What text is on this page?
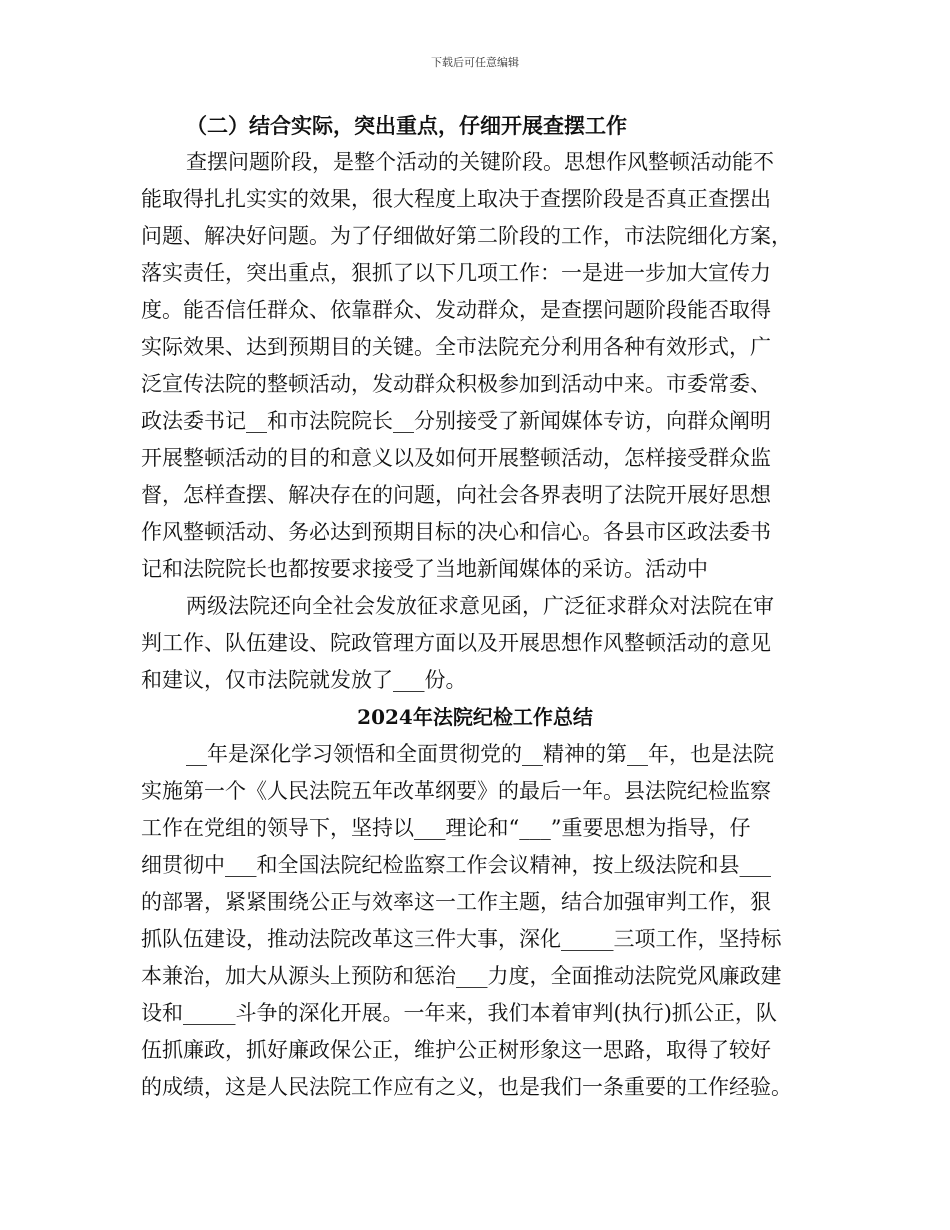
下载后可任意编辑
（二）结合实际，突出重点，仔细开展查摆工作
查摆问题阶段，是整个活动的关键阶段。思想作风整顿活动能不
能取得扎扎实实的效果，很大程度上取决于查摆阶段是否真正查摆出
问题、解决好问题。为了仔细做好第二阶段的工作，市法院细化方案，
落实责任，突出重点，狠抓了以下几项工作：一是进一步加大宣传力
度。能否信任群众、依靠群众、发动群众，是查摆问题阶段能否取得
实际效果、达到预期目的关键。全市法院充分利用各种有效形式，广
泛宣传法院的整顿活动，发动群众积极参加到活动中来。市委常委、
政法委书记__和市法院院长__分别接受了新闻媒体专访，向群众阐明
开展整顿活动的目的和意义以及如何开展整顿活动，怎样接受群众监
督，怎样查摆、解决存在的问题，向社会各界表明了法院开展好思想
作风整顿活动、务必达到预期目标的决心和信心。各县市区政法委书
记和法院院长也都按要求接受了当地新闻媒体的采访。活动中
两级法院还向全社会发放征求意见函，广泛征求群众对法院在审
判工作、队伍建设、院政管理方面以及开展思想作风整顿活动的意见
和建议，仅市法院就发放了___份。
2024年法院纪检工作总结
__年是深化学习领悟和全面贯彻党的__精神的第__年，也是法院
实施第一个《人民法院五年改革纲要》的最后一年。县法院纪检监察
工作在党组的领导下，坚持以___理论和“___”重要思想为指导，仔
细贯彻中___和全国法院纪检监察工作会议精神，按上级法院和县___
的部署，紧紧围绕公正与效率这一工作主题，结合加强审判工作，狠
抓队伍建设，推动法院改革这三件大事，深化_____三项工作，坚持标
本兼治，加大从源头上预防和惩治___力度，全面推动法院党风廉政建
设和_____斗争的深化开展。一年来，我们本着审判(执行)抓公正，队
伍抓廉政，抓好廉政保公正，维护公正树形象这一思路，取得了较好
的成绩，这是人民法院工作应有之义，也是我们一条重要的工作经验。
